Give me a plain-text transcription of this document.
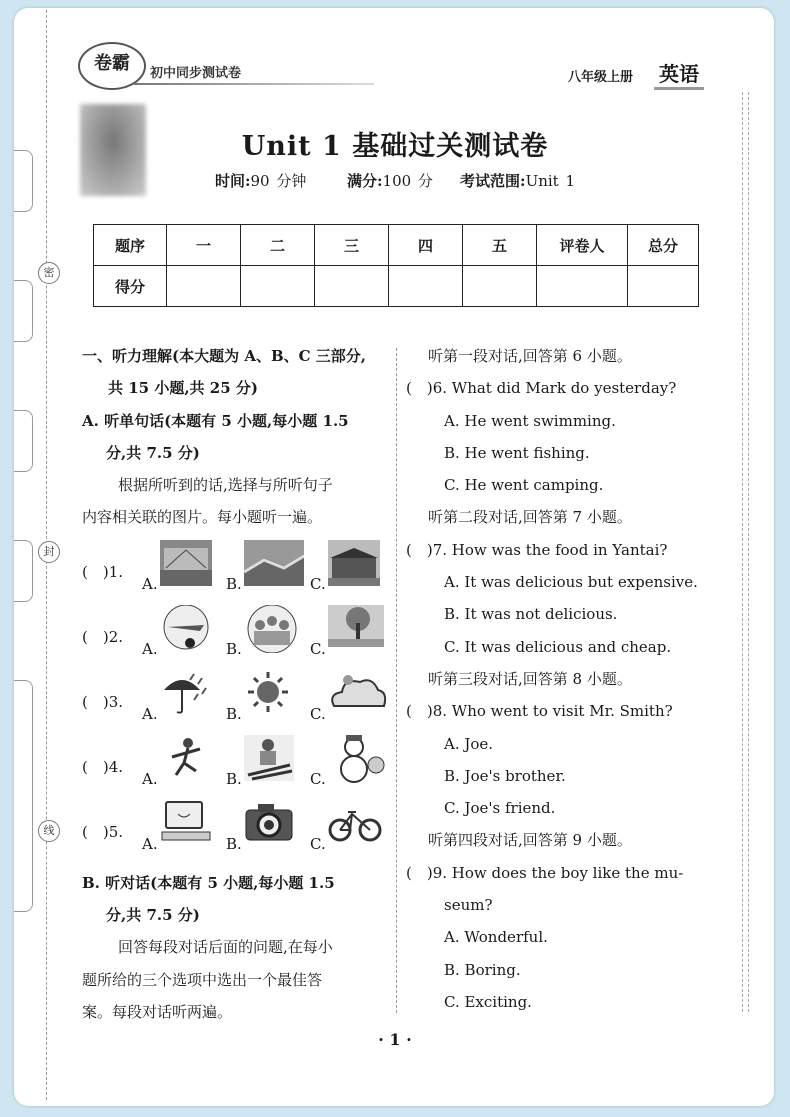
密
封
线
卷霸	初中同步测试卷	八年级上册 英语
Unit 1 基础过关测试卷
时间:90 分钟	满分:100 分 考试范围:Unit 1
题序	一	二	三	四	五	评卷人	总分
得分							
一、听力理解(本大题为 A、B、C 三部分,
共 15 小题,共 25 分)
A. 听单句话(本题有 5 小题,每小题 1.5
分,共 7.5 分)
根据所听到的话,选择与所听句子
内容相关联的图片。每小题听一遍。
(　)1.
A.	B.	C.
(　)2.
A.	B.	C.
(　)3.
A.	B.	C.
(　)4.
A.	B.	C.
(　)5.
A.	B.	C.
B. 听对话(本题有 5 小题,每小题 1.5
分,共 7.5 分)
回答每段对话后面的问题,在每小
题所给的三个选项中选出一个最佳答
案。每段对话听两遍。
听第一段对话,回答第 6 小题。
(　)6. What did Mark do yesterday?
A. He went swimming.
B. He went fishing.
C. He went camping.
听第二段对话,回答第 7 小题。
(　)7. How was the food in Yantai?
A. It was delicious but expensive.
B. It was not delicious.
C. It was delicious and cheap.
听第三段对话,回答第 8 小题。
(　)8. Who went to visit Mr. Smith?
A. Joe.
B. Joe's brother.
C. Joe's friend.
听第四段对话,回答第 9 小题。
(　)9. How does the boy like the mu-
seum?
A. Wonderful.
B. Boring.
C. Exciting.
· 1 ·
